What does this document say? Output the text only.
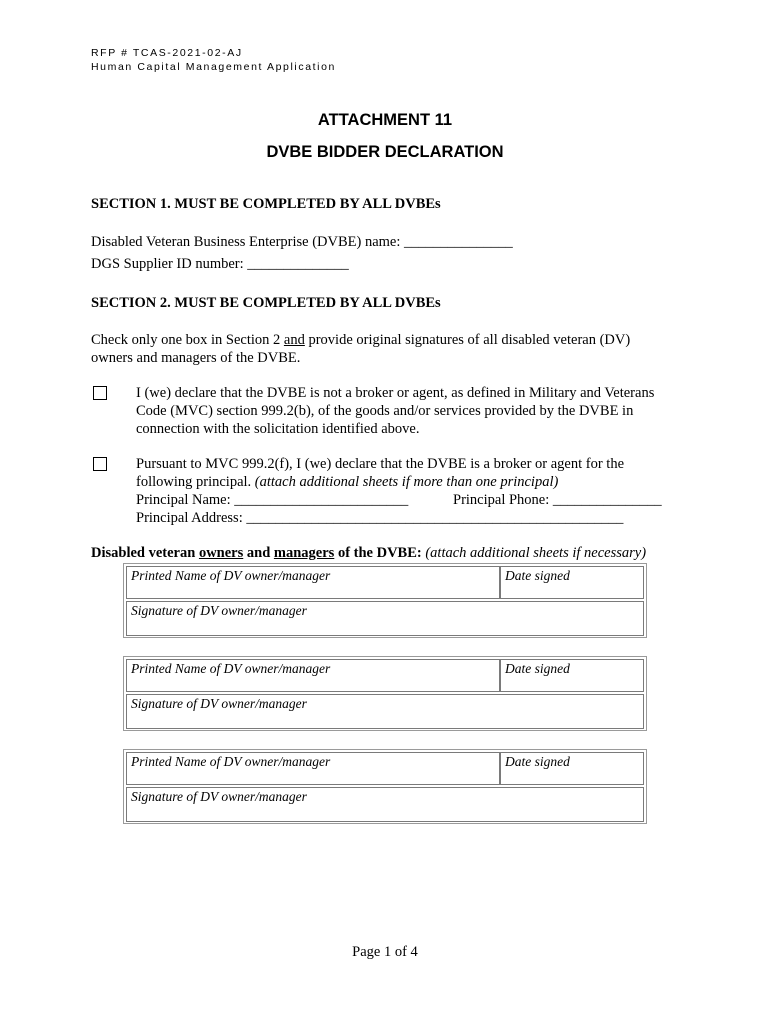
RFP # TCAS-2021-02-AJ
Human Capital Management Application
ATTACHMENT 11
DVBE BIDDER DECLARATION
SECTION 1. MUST BE COMPLETED BY ALL DVBEs
Disabled Veteran Business Enterprise (DVBE) name: _______________
DGS Supplier ID number: ______________
SECTION 2. MUST BE COMPLETED BY ALL DVBEs
Check only one box in Section 2 and provide original signatures of all disabled veteran (DV)
owners and managers of the DVBE.
I (we) declare that the DVBE is not a broker or agent, as defined in Military and Veterans
Code (MVC) section 999.2(b), of the goods and/or services provided by the DVBE in
connection with the solicitation identified above.
Pursuant to MVC 999.2(f), I (we) declare that the DVBE is a broker or agent for the
following principal. (attach additional sheets if more than one principal)
Principal Name: ________________________	Principal Phone: _______________
Principal Address: ____________________________________________________
Disabled veteran owners and managers of the DVBE: (attach additional sheets if necessary)
Printed Name of DV owner/manager	Date signed
Signature of DV owner/manager
Printed Name of DV owner/manager	Date signed
Signature of DV owner/manager
Printed Name of DV owner/manager	Date signed
Signature of DV owner/manager
Page 1 of 4
